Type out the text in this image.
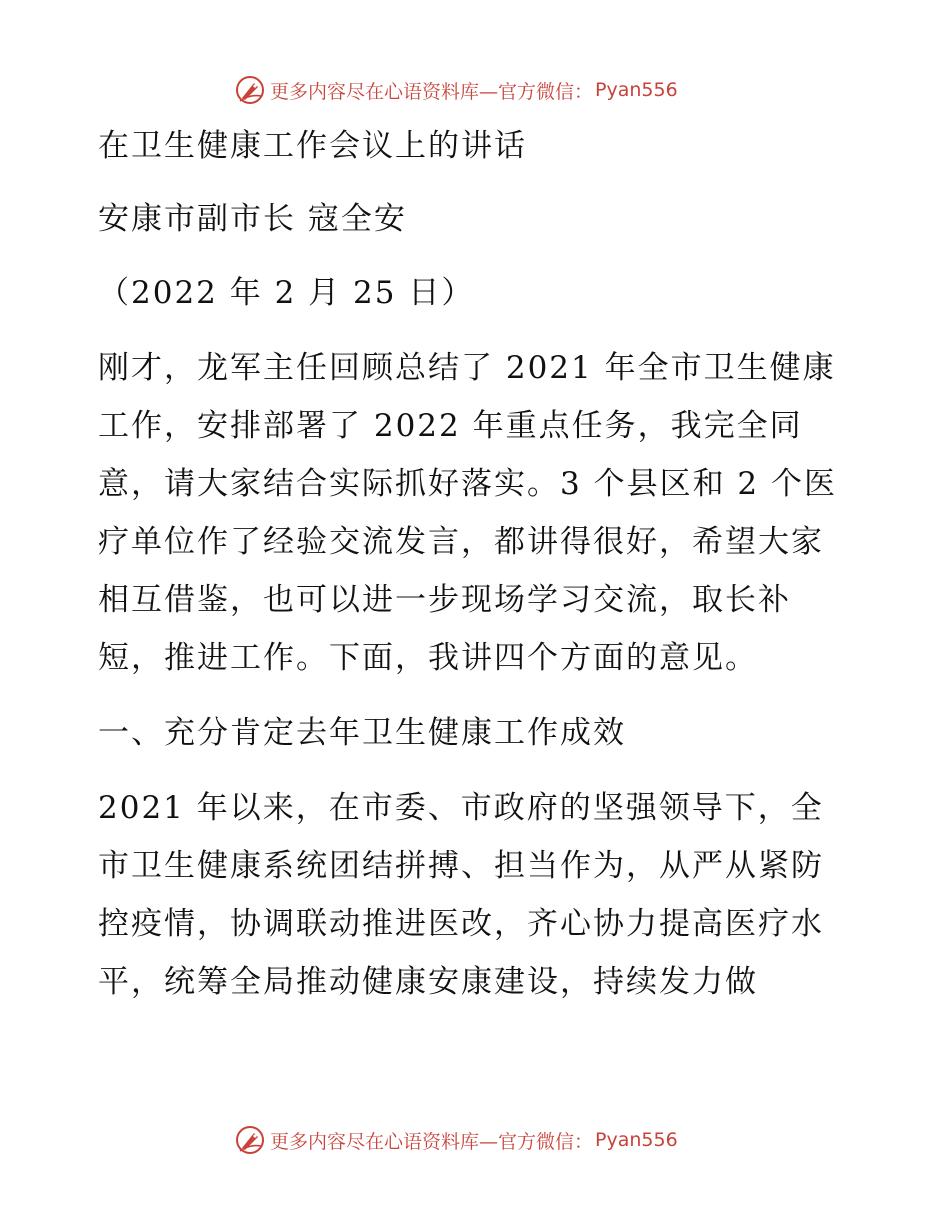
更多内容尽在心语资料库—官方微信： Pyan556
在卫生健康工作会议上的讲话
安康市副市长 寇全安
（2022 年 2 月 25 日）
刚才，龙军主任回顾总结了 2021 年全市卫生健康
工作，安排部署了 2022 年重点任务，我完全同
意，请大家结合实际抓好落实。3 个县区和 2 个医
疗单位作了经验交流发言，都讲得很好，希望大家
相互借鉴，也可以进一步现场学习交流，取长补
短，推进工作。下面，我讲四个方面的意见。
一、充分肯定去年卫生健康工作成效
2021 年以来，在市委、市政府的坚强领导下，全
市卫生健康系统团结拼搏、担当作为，从严从紧防
控疫情，协调联动推进医改，齐心协力提高医疗水
平，统筹全局推动健康安康建设，持续发力做
更多内容尽在心语资料库—官方微信： Pyan556
